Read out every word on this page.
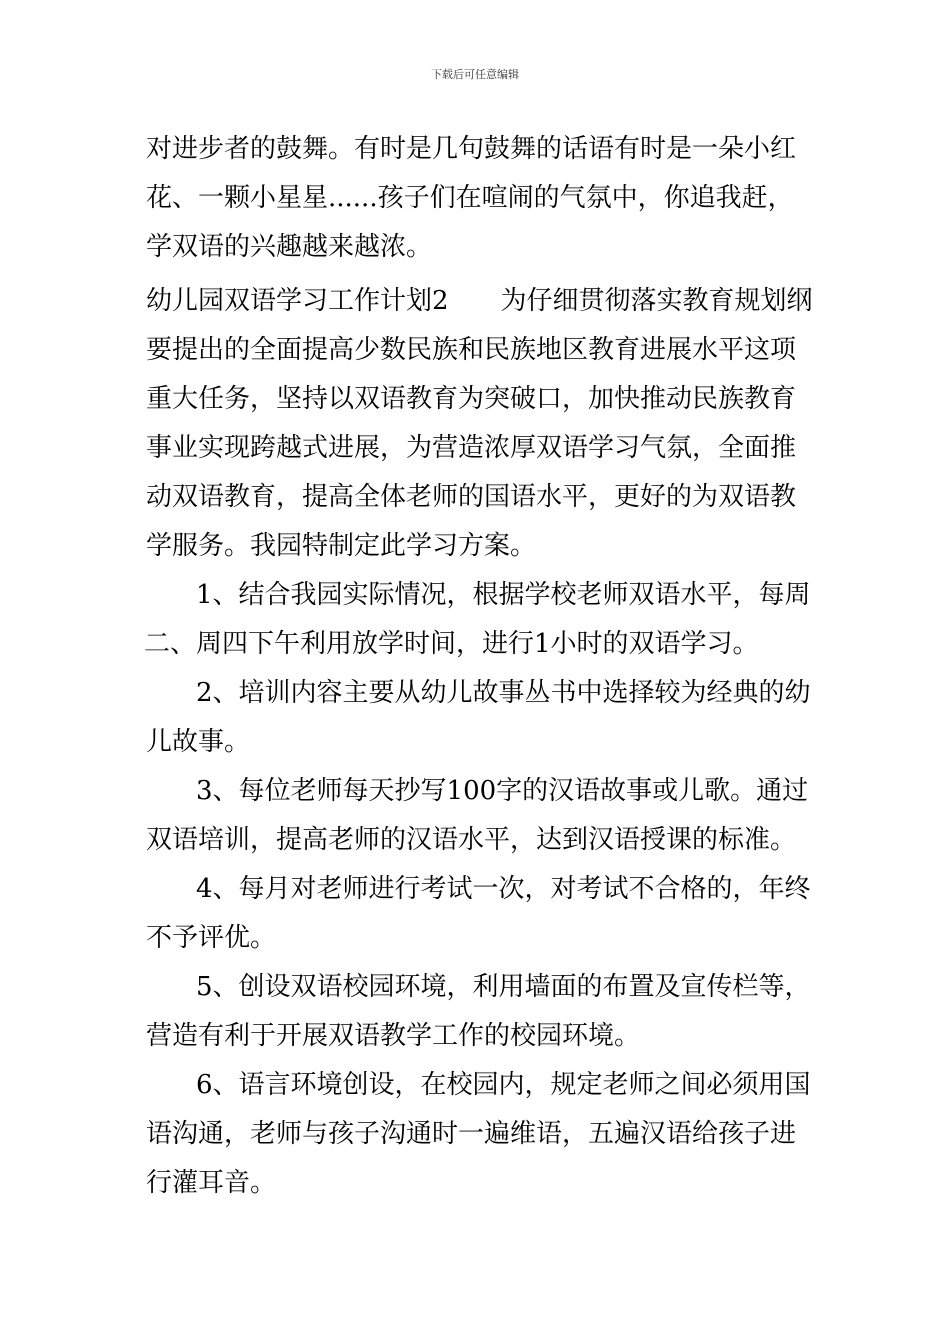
下载后可任意编辑
对进步者的鼓舞。有时是几句鼓舞的话语有时是一朵小红
花、一颗小星星......孩子们在喧闹的气氛中，你追我赶，
学双语的兴趣越来越浓。
幼儿园双语学习工作计划2　　为仔细贯彻落实教育规划纲
要提出的全面提高少数民族和民族地区教育进展水平这项
重大任务，坚持以双语教育为突破口，加快推动民族教育
事业实现跨越式进展，为营造浓厚双语学习气氛，全面推
动双语教育，提高全体老师的国语水平，更好的为双语教
学服务。我园特制定此学习方案。
1、结合我园实际情况，根据学校老师双语水平，每周
二、周四下午利用放学时间，进行1小时的双语学习。
2、培训内容主要从幼儿故事丛书中选择较为经典的幼
儿故事。
3、每位老师每天抄写100字的汉语故事或儿歌。通过
双语培训，提高老师的汉语水平，达到汉语授课的标准。
4、每月对老师进行考试一次，对考试不合格的，年终
不予评优。
5、创设双语校园环境，利用墙面的布置及宣传栏等，
营造有利于开展双语教学工作的校园环境。
6、语言环境创设，在校园内，规定老师之间必须用国
语沟通，老师与孩子沟通时一遍维语，五遍汉语给孩子进
行灌耳音。
